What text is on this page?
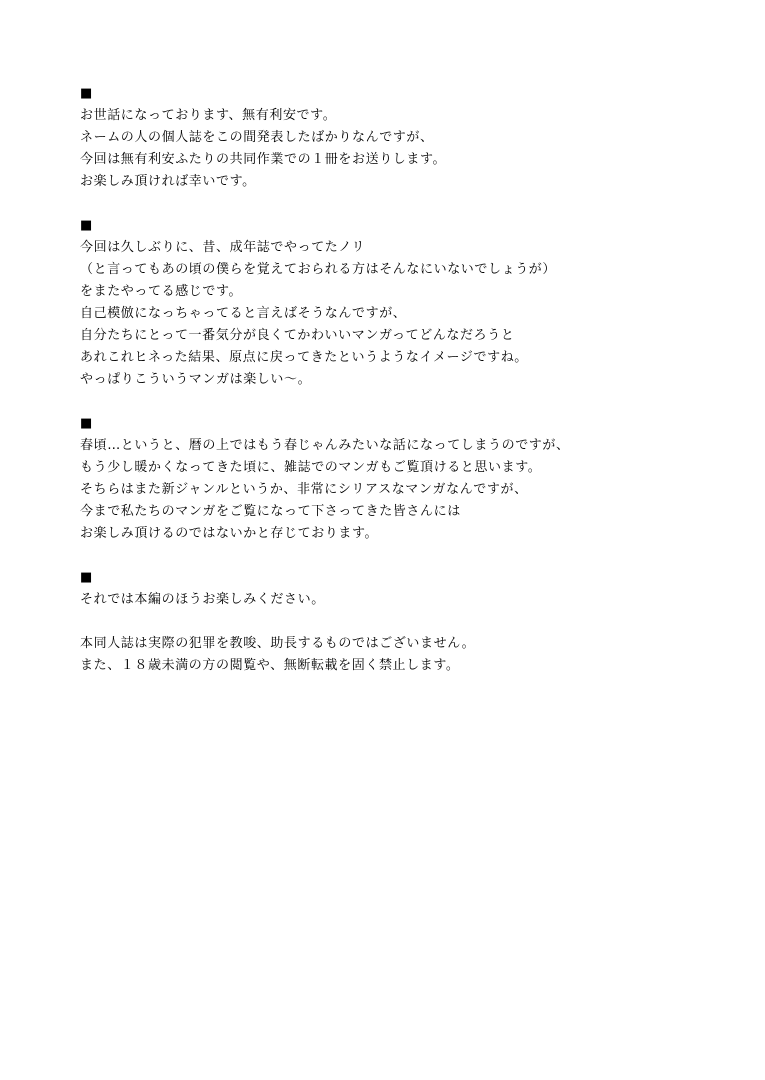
■
お世話になっております、無有利安です。
ネームの人の個人誌をこの間発表したばかりなんですが、
今回は無有利安ふたりの共同作業での１冊をお送りします。
お楽しみ頂ければ幸いです。
■
今回は久しぶりに、昔、成年誌でやってたノリ
（と言ってもあの頃の僕らを覚えておられる方はそんなにいないでしょうが）
をまたやってる感じです。
自己模倣になっちゃってると言えばそうなんですが、
自分たちにとって一番気分が良くてかわいいマンガってどんなだろうと
あれこれヒネった結果、原点に戻ってきたというようなイメージですね。
やっぱりこういうマンガは楽しい～。
■
春頃…というと、暦の上ではもう春じゃんみたいな話になってしまうのですが、
もう少し暖かくなってきた頃に、雑誌でのマンガもご覧頂けると思います。
そちらはまた新ジャンルというか、非常にシリアスなマンガなんですが、
今まで私たちのマンガをご覧になって下さってきた皆さんには
お楽しみ頂けるのではないかと存じております。
■
それでは本編のほうお楽しみください。
本同人誌は実際の犯罪を教唆、助長するものではございません。
また、１８歳未満の方の閲覧や、無断転載を固く禁止します。
